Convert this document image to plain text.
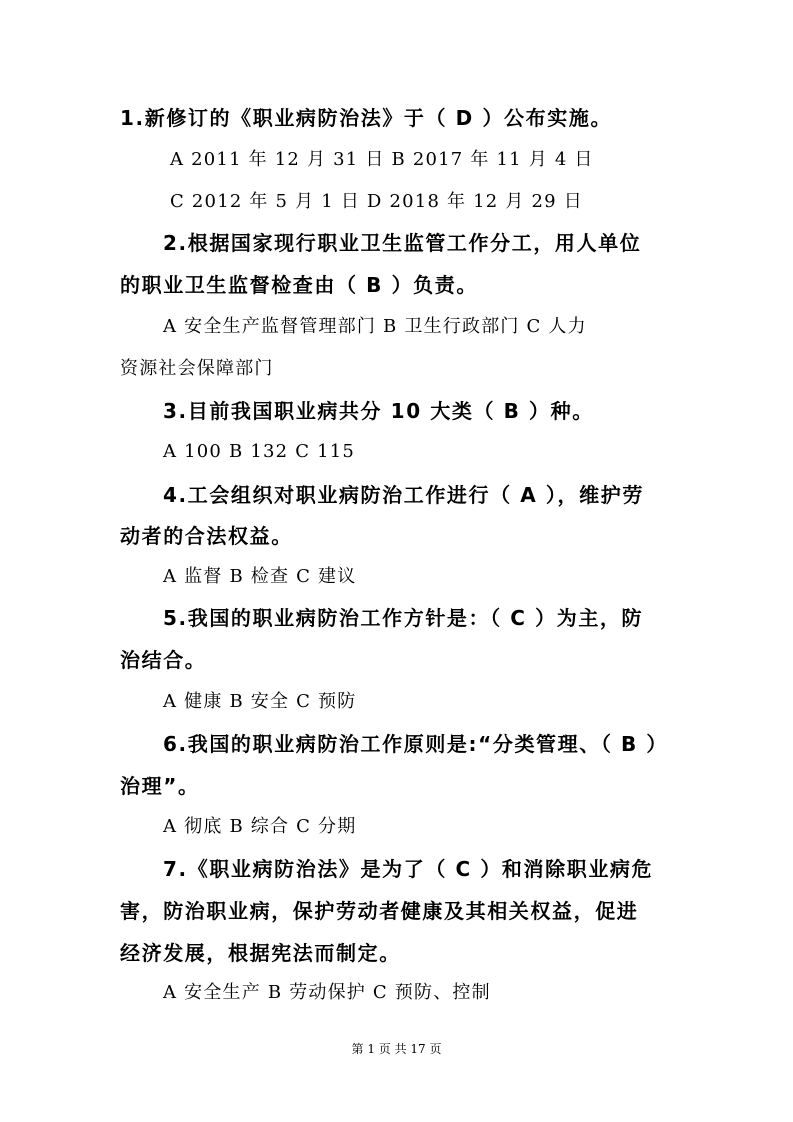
1.新修订的《职业病防治法》于（ D ）公布实施。
A 2011 年 12 月 31 日 B 2017 年 11 月 4 日
C 2012 年 5 月 1 日 D 2018 年 12 月 29 日
2.根据国家现行职业卫生监管工作分工，用人单位
的职业卫生监督检查由（ B ）负责。
A 安全生产监督管理部门 B 卫生行政部门 C 人力
资源社会保障部门
3.目前我国职业病共分 10 大类（ B ）种。
A 100 B 132 C 115
4.工会组织对职业病防治工作进行（ A ），维护劳
动者的合法权益。
A 监督 B 检查 C 建议
5.我国的职业病防治工作方针是：（ C ）为主，防
治结合。
A 健康 B 安全 C 预防
6.我国的职业病防治工作原则是:“分类管理、（ B ）
治理”。
A 彻底 B 综合 C 分期
7.《职业病防治法》是为了（ C ）和消除职业病危
害，防治职业病，保护劳动者健康及其相关权益，促进
经济发展，根据宪法而制定。
A 安全生产 B 劳动保护 C 预防、控制
第 1 页 共 17 页
